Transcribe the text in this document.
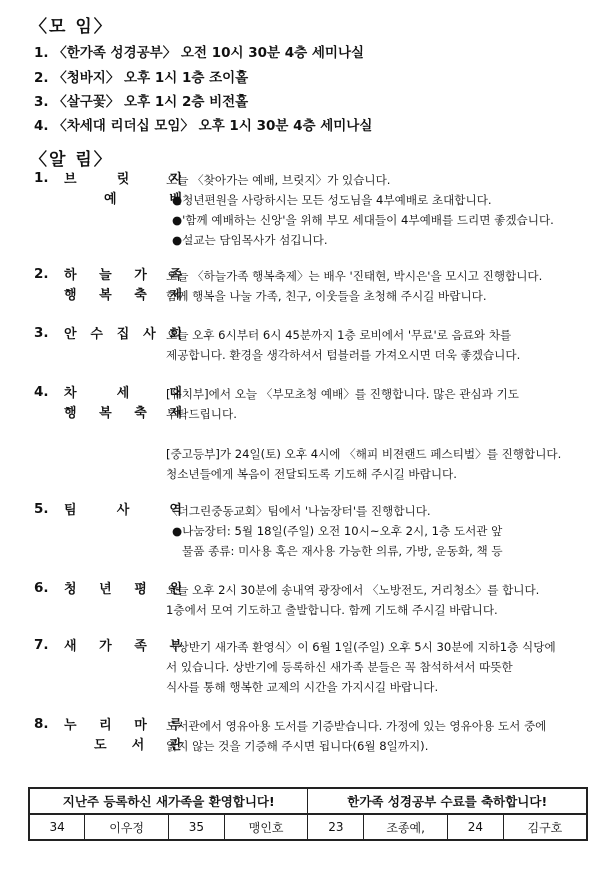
〈모 임〉
1. 〈한가족 성경공부〉 오전 10시 30분 4층 세미나실
2. 〈청바지〉 오후 1시 1층 조이홀
3. 〈살구꽃〉 오후 1시 2층 비전홀
4. 〈차세대 리더십 모임〉 오후 1시 30분 4층 세미나실
〈알 림〉
1. 브 릿 지
예 배
오늘 〈찾아가는 예배, 브릿지〉가 있습니다.
●청년편원을 사랑하시는 모든 성도님을 4부예배로 초대합니다.
●'함께 예배하는 신앙'을 위해 부모 세대들이 4부예배를 드리면 좋겠습니다.
●설교는 담임목사가 섬깁니다.
2. 하 늘 가 족
행 복 축 제
오늘 〈하늘가족 행복축제〉는 배우 '진태현, 박시은'을 모시고 진행합니다.
함께 행복을 나눌 가족, 친구, 이웃들을 초청해 주시길 바랍니다.
3. 안 수 집 사 회
오늘 오후 6시부터 6시 45분까지 1층 로비에서 '무료'로 음료와 차를
제공합니다. 환경을 생각하셔서 텀블러를 가져오시면 더욱 좋겠습니다.
4. 차 세 대
행 복 축 제
[유치부]에서 오늘 〈부모초청 예배〉를 진행합니다. 많은 관심과 기도
부탁드립니다.
[중고등부]가 24일(토) 오후 4시에 〈해피 비젼랜드 페스티벌〉를 진행합니다.
청소년들에게 복음이 전달되도록 기도해 주시길 바랍니다.
5. 팀 사 역
〈더그린중동교회〉팀에서 '나눔장터'를 진행합니다.
●나눔장터: 5월 18일(주일) 오전 10시~오후 2시, 1층 도서관 앞
물품 종류: 미사용 혹은 재사용 가능한 의류, 가방, 운동화, 책 등
6. 청 년 평 원
오늘 오후 2시 30분에 송내역 광장에서 〈노방전도, 거리청소〉를 합니다.
1층에서 모여 기도하고 출발합니다. 함께 기도해 주시길 바랍니다.
7. 새 가 족 부
〈상반기 새가족 환영식〉이 6월 1일(주일) 오후 5시 30분에 지하1층 식당에
서 있습니다. 상반기에 등록하신 새가족 분들은 꼭 참석하셔서 따뜻한
식사를 통해 행복한 교제의 시간을 가지시길 바랍니다.
8. 누 리 마 루
도 서 관
도서관에서 영유아용 도서를 기증받습니다. 가정에 있는 영유아용 도서 중에
읽지 않는 것을 기증해 주시면 됩니다(6월 8일까지).
지난주 등록하신 새가족을 환영합니다!				한가족 성경공부 수료를 축하합니다!			
34	이우정	35	맹인호	23	조종예,	24	김구호
